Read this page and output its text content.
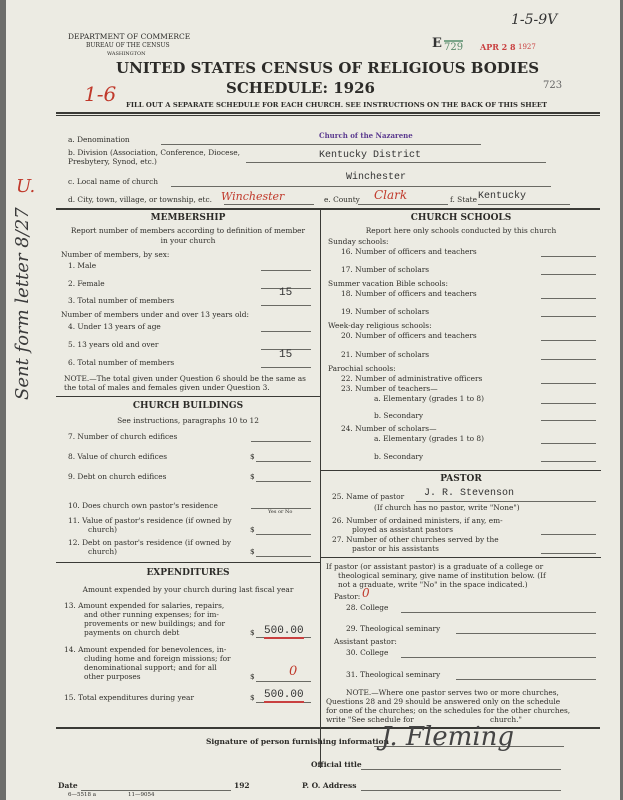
DEPARTMENT OF COMMERCE
BUREAU OF THE CENSUS
WASHINGTON
UNITED STATES CENSUS OF RELIGIOUS BODIES
SCHEDULE: 1926
1-6
1-5-9V
E 729 APR 2 8 1927
723
FILL OUT A SEPARATE SCHEDULE FOR EACH CHURCH. SEE INSTRUCTIONS ON THE BACK OF THIS SHEET
U.
Sent form letter 8/27
a. Denomination	Church of the Nazarene
b. Division (Association, Conference, Diocese, Presbytery, Synod, etc.)
Kentucky District
c. Local name of church	Winchester
d. City, town, village, or township, etc. Winchester	e. County Clark	f. State Kentucky
MEMBERSHIP
Report number of members according to definition of member in your church
Number of members, by sex:
1. Male
2. Female
3. Total number of members
15
Number of members under and over 13 years old:
4. Under 13 years of age
5. 13 years old and over
6. Total number of members
15
NOTE.—The total given under Question 6 should be the same as the total of males and females given under Question 3.
CHURCH BUILDINGS
See instructions, paragraphs 10 to 12
7. Number of church edifices
8. Value of church edifices	$
9. Debt on church edifices	$
10. Does church own pastor's residence
Yes or No
11. Value of pastor's residence (if owned by
church)	$
12. Debt on pastor's residence (if owned by
church)	$
EXPENDITURES
Amount expended by your church during last fiscal year
13. Amount expended for salaries, repairs,
and other running expenses; for im-
provements or new buildings; and for
payments on church debt	$ 500.00
14. Amount expended for benevolences, in-
cluding home and foreign missions; for
denominational support; and for all
other purposes	$	0
15. Total expenditures during year	$ 500.00
CHURCH SCHOOLS
Report here only schools conducted by this church
Sunday schools:
16. Number of officers and teachers
17. Number of scholars
Summer vacation Bible schools:
18. Number of officers and teachers
19. Number of scholars
Week-day religious schools:
20. Number of officers and teachers
21. Number of scholars
Parochial schools:
22. Number of administrative officers
23. Number of teachers—
a. Elementary (grades 1 to 8)
b. Secondary
24. Number of scholars—
a. Elementary (grades 1 to 8)
b. Secondary
PASTOR
25. Name of pastor J. R. Stevenson
(If church has no pastor, write "None")
26. Number of ordained ministers, if any, em-
ployed as assistant pastors
27. Number of other churches served by the
pastor or his assistants
If pastor (or assistant pastor) is a graduate of a college or
theological seminary, give name of institution below. (If
not a graduate, write "No" in the space indicated.)
Pastor: 0
28. College
29. Theological seminary
Assistant pastor:
30. College
31. Theological seminary
NOTE.—Where one pastor serves two or more churches,
Questions 28 and 29 should be answered only on the schedule
for one of the churches; on the schedules for the other churches,
write "See schedule for	church."
Signature of person furnishing information
J. Fleming
Official title
Date	192	P. O. Address
6—5518 a	11—9054
